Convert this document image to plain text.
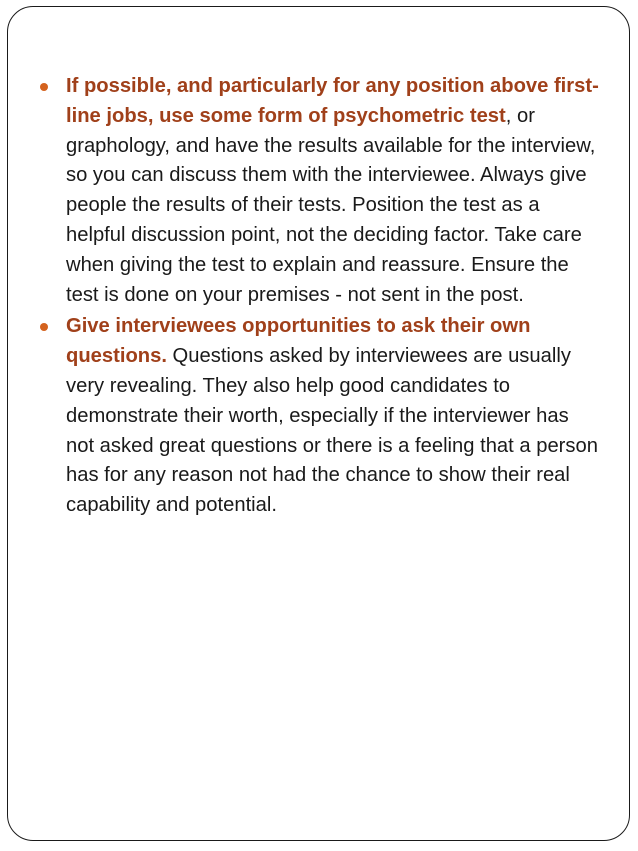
If possible, and particularly for any position above first-line jobs, use some form of psychometric test, or graphology, and have the results available for the interview, so you can discuss them with the interviewee. Always give people the results of their tests. Position the test as a helpful discussion point, not the deciding factor. Take care when giving the test to explain and reassure. Ensure the test is done on your premises - not sent in the post.
Give interviewees opportunities to ask their own questions. Questions asked by interviewees are usually very revealing. They also help good candidates to demonstrate their worth, especially if the interviewer has not asked great questions or there is a feeling that a person has for any reason not had the chance to show their real capability and potential.
